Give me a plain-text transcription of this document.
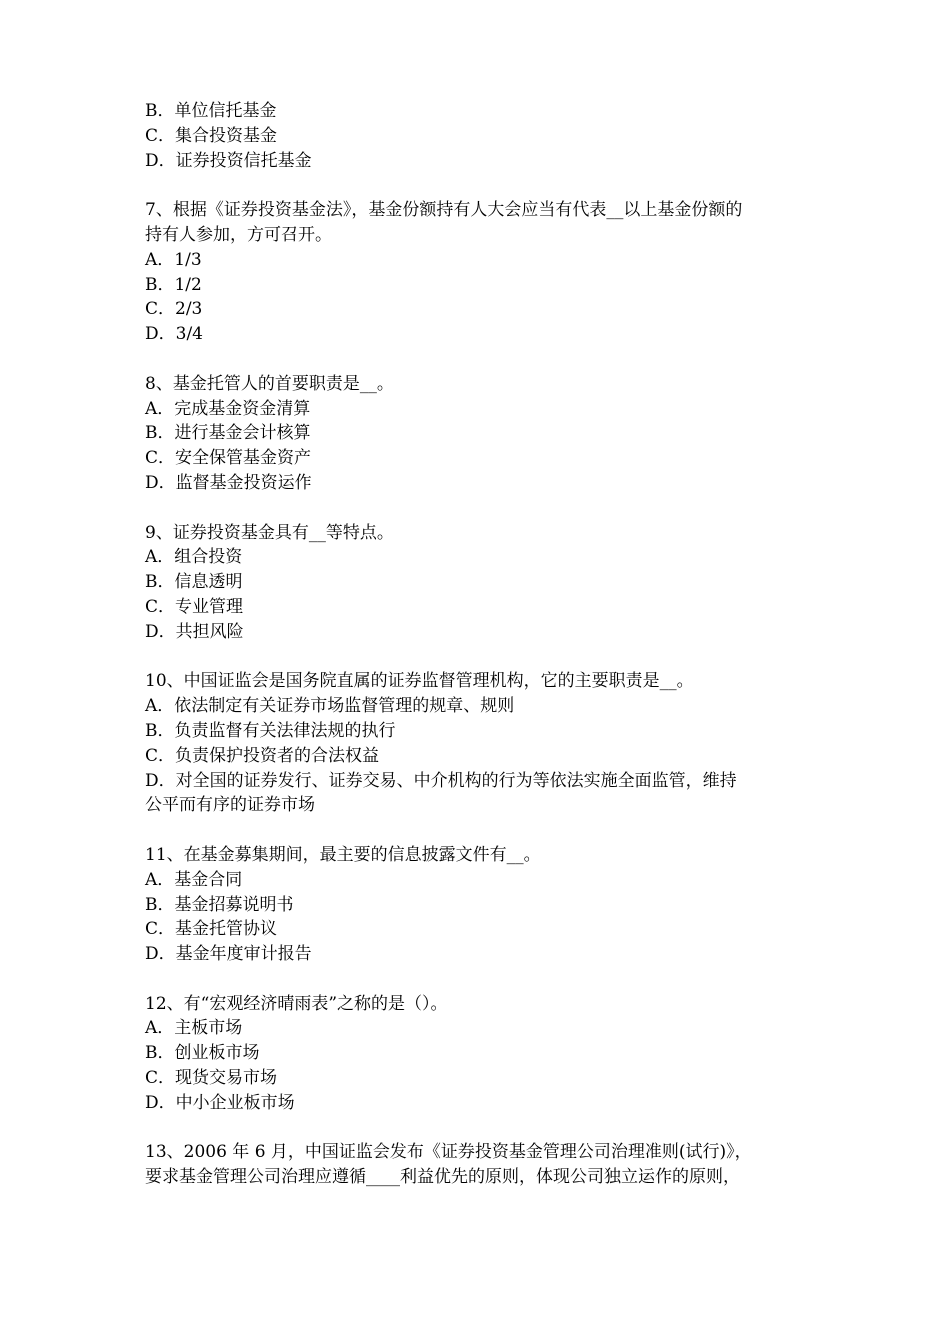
B．单位信托基金

C．集合投资基金

D．证券投资信托基金

7、根据《证券投资基金法》，基金份额持有人大会应当有代表__以上基金份额的

持有人参加，方可召开。

A．1/3

B．1/2

C．2/3

D．3/4

8、基金托管人的首要职责是__。

A．完成基金资金清算

B．进行基金会计核算

C．安全保管基金资产

D．监督基金投资运作

9、证券投资基金具有__等特点。

A．组合投资

B．信息透明

C．专业管理

D．共担风险

10、中国证监会是国务院直属的证券监督管理机构，它的主要职责是__。

A．依法制定有关证券市场监督管理的规章、规则

B．负责监督有关法律法规的执行

C．负责保护投资者的合法权益

D．对全国的证券发行、证券交易、中介机构的行为等依法实施全面监管，维持

公平而有序的证券市场

11、在基金募集期间，最主要的信息披露文件有__。

A．基金合同

B．基金招募说明书

C．基金托管协议

D．基金年度审计报告

12、有“宏观经济晴雨表”之称的是（）。

A．主板市场

B．创业板市场

C．现货交易市场

D．中小企业板市场

13、2006 年 6 月，中国证监会发布《证券投资基金管理公司治理准则(试行)》，

要求基金管理公司治理应遵循____利益优先的原则，体现公司独立运作的原则，
